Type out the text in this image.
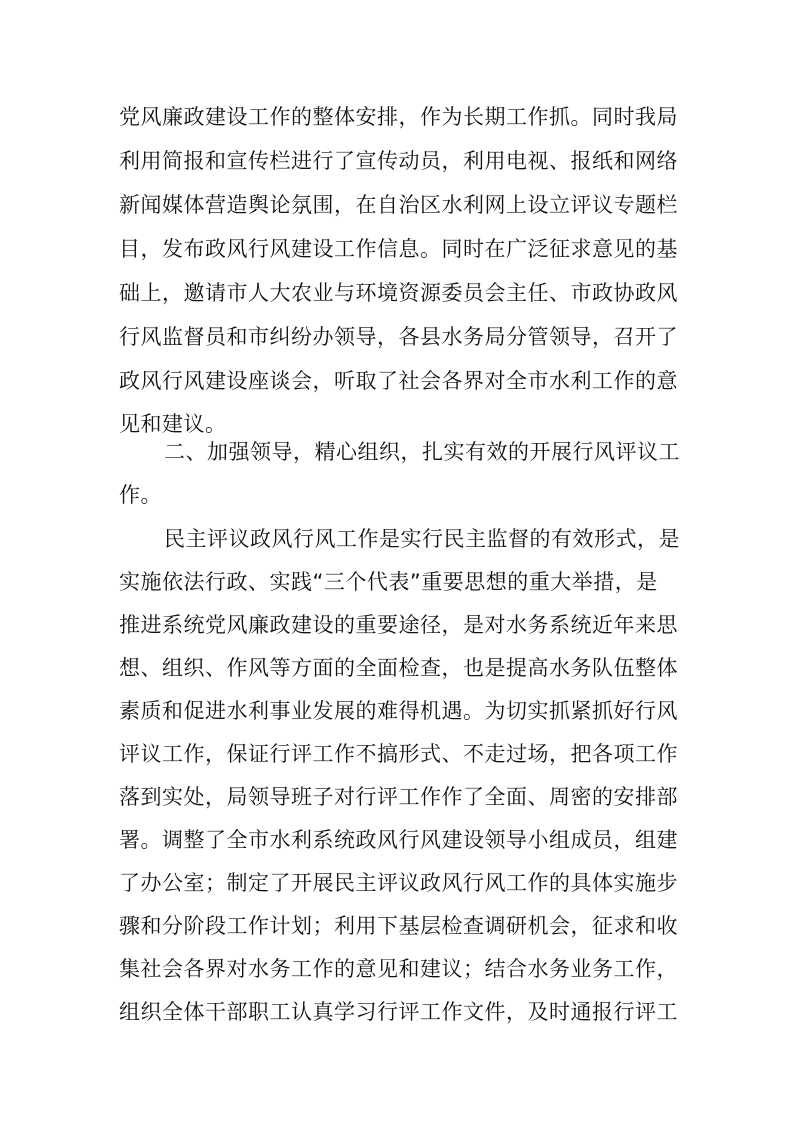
党风廉政建设工作的整体安排，作为长期工作抓。同时我局
利用简报和宣传栏进行了宣传动员，利用电视、报纸和网络
新闻媒体营造舆论氛围，在自治区水利网上设立评议专题栏
目，发布政风行风建设工作信息。同时在广泛征求意见的基
础上，邀请市人大农业与环境资源委员会主任、市政协政风
行风监督员和市纠纷办领导，各县水务局分管领导，召开了
政风行风建设座谈会，听取了社会各界对全市水利工作的意
见和建议。
二、加强领导，精心组织，扎实有效的开展行风评议工
作。
民主评议政风行风工作是实行民主监督的有效形式，是
实施依法行政、实践“三个代表”重要思想的重大举措，是
推进系统党风廉政建设的重要途径，是对水务系统近年来思
想、组织、作风等方面的全面检查，也是提高水务队伍整体
素质和促进水利事业发展的难得机遇。为切实抓紧抓好行风
评议工作，保证行评工作不搞形式、不走过场，把各项工作
落到实处，局领导班子对行评工作作了全面、周密的安排部
署。调整了全市水利系统政风行风建设领导小组成员，组建
了办公室；制定了开展民主评议政风行风工作的具体实施步
骤和分阶段工作计划；利用下基层检查调研机会，征求和收
集社会各界对水务工作的意见和建议；结合水务业务工作，
组织全体干部职工认真学习行评工作文件，及时通报行评工
